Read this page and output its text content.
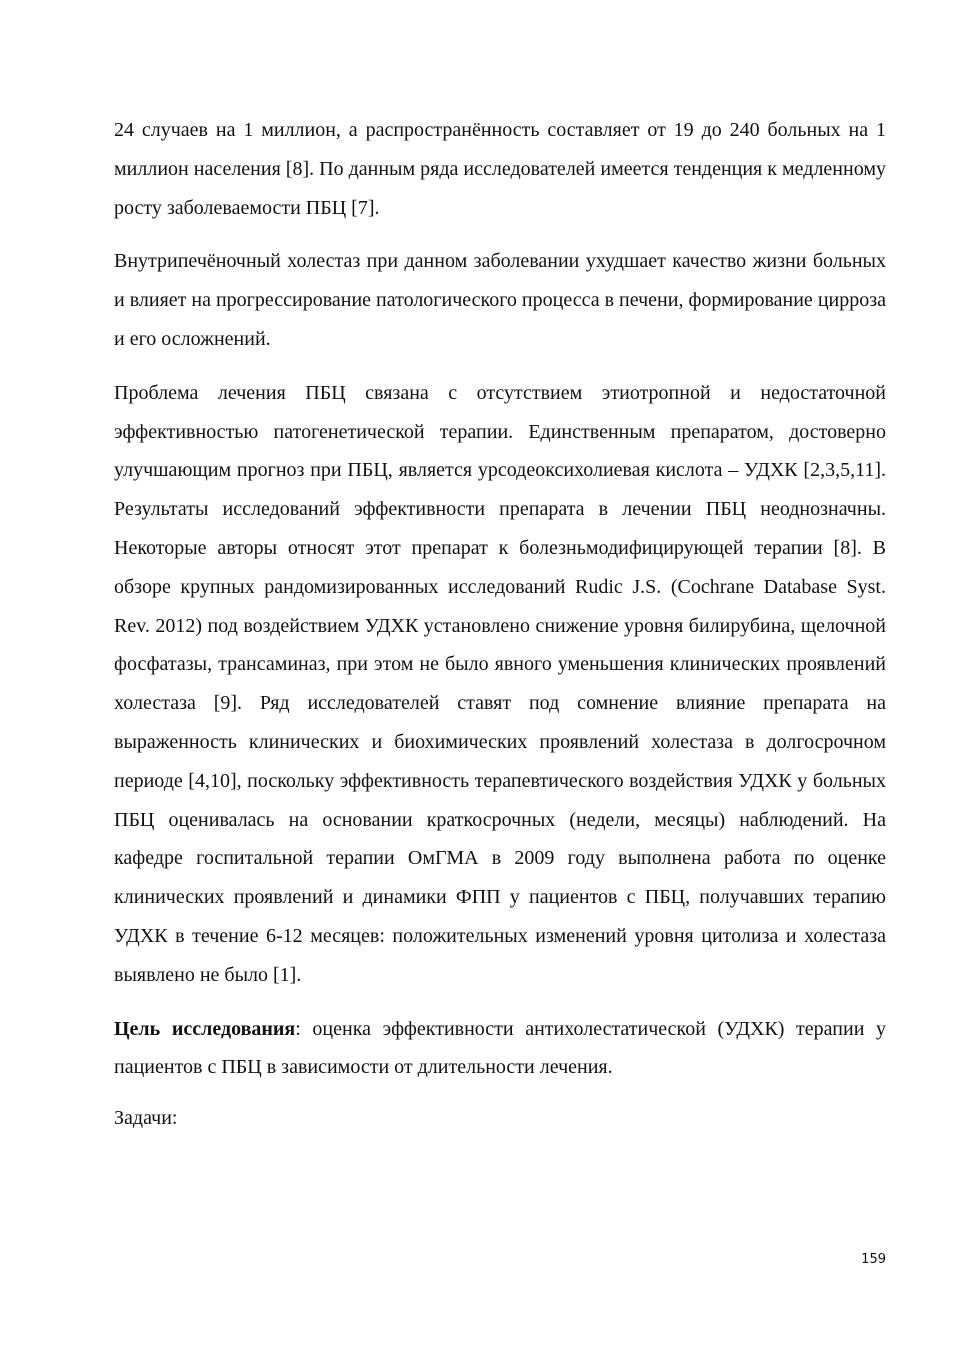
24 случаев на 1 миллион, а распространённость составляет от 19 до 240 больных на 1 миллион населения [8]. По данным ряда исследователей имеется тенденция к медленному росту заболеваемости ПБЦ [7].

Внутрипечёночный холестаз при данном заболевании ухудшает качество жизни больных и влияет на прогрессирование патологического процесса в печени, формирование цирроза и его осложнений.

Проблема лечения ПБЦ связана с отсутствием этиотропной и недостаточной эффективностью патогенетической терапии. Единственным препаратом, достоверно улучшающим прогноз при ПБЦ, является урсодеоксихолиевая кислота – УДХК [2,3,5,11]. Результаты исследований эффективности препарата в лечении ПБЦ неоднозначны. Некоторые авторы относят этот препарат к болезньмодифицирующей терапии [8]. В обзоре крупных рандомизированных исследований Rudic J.S. (Cochrane Database Syst. Rev. 2012) под воздействием УДХК установлено снижение уровня билирубина, щелочной фосфатазы, трансаминаз, при этом не было явного уменьшения клинических проявлений холестаза [9]. Ряд исследователей ставят под сомнение влияние препарата на выраженность клинических и биохимических проявлений холестаза в долгосрочном периоде [4,10], поскольку эффективность терапевтического воздействия УДХК у больных ПБЦ оценивалась на основании краткосрочных (недели, месяцы) наблюдений. На кафедре госпитальной терапии ОмГМА в 2009 году выполнена работа по оценке клинических проявлений и динамики ФПП у пациентов с ПБЦ, получавших терапию УДХК в течение 6-12 месяцев: положительных изменений уровня цитолиза и холестаза выявлено не было [1].

Цель исследования: оценка эффективности антихолестатической (УДХК) терапии у пациентов с ПБЦ в зависимости от длительности лечения.

Задачи:

159
